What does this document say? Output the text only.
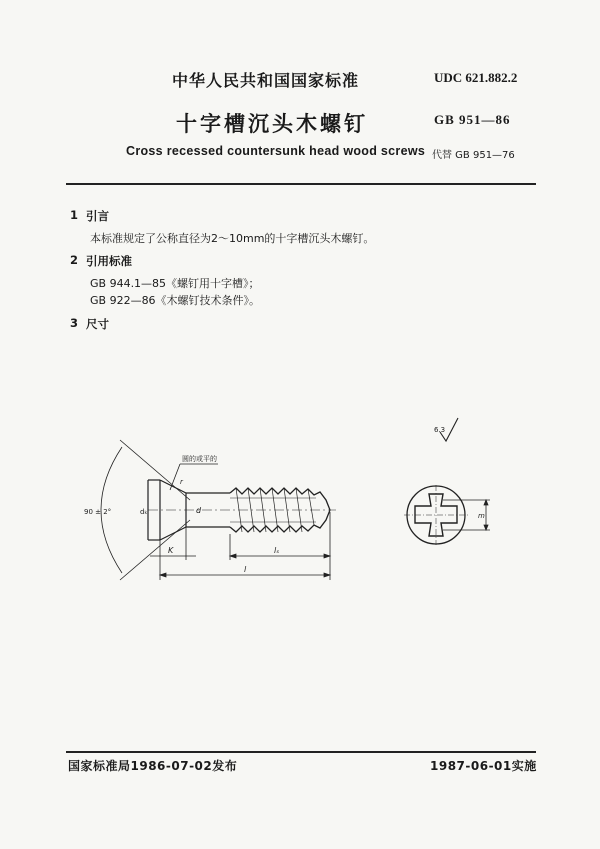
中华人民共和国国家标准	UDC 621.882.2
十字槽沉头木螺钉	GB 951—86
Cross recessed countersunk head wood screws 代替 GB 951—76
1 引言
本标准规定了公称直径为2～10mm的十字槽沉头木螺钉。
2 引用标准
GB 944.1—85《螺钉用十字槽》；
GB 922—86《木螺钉技术条件》。
3 尺寸
6.3
90 ± 2°	dₖ	d
r
圆的或平的
K	lₛ
l
m
国家标准局1986-07-02发布	1987-06-01实施
